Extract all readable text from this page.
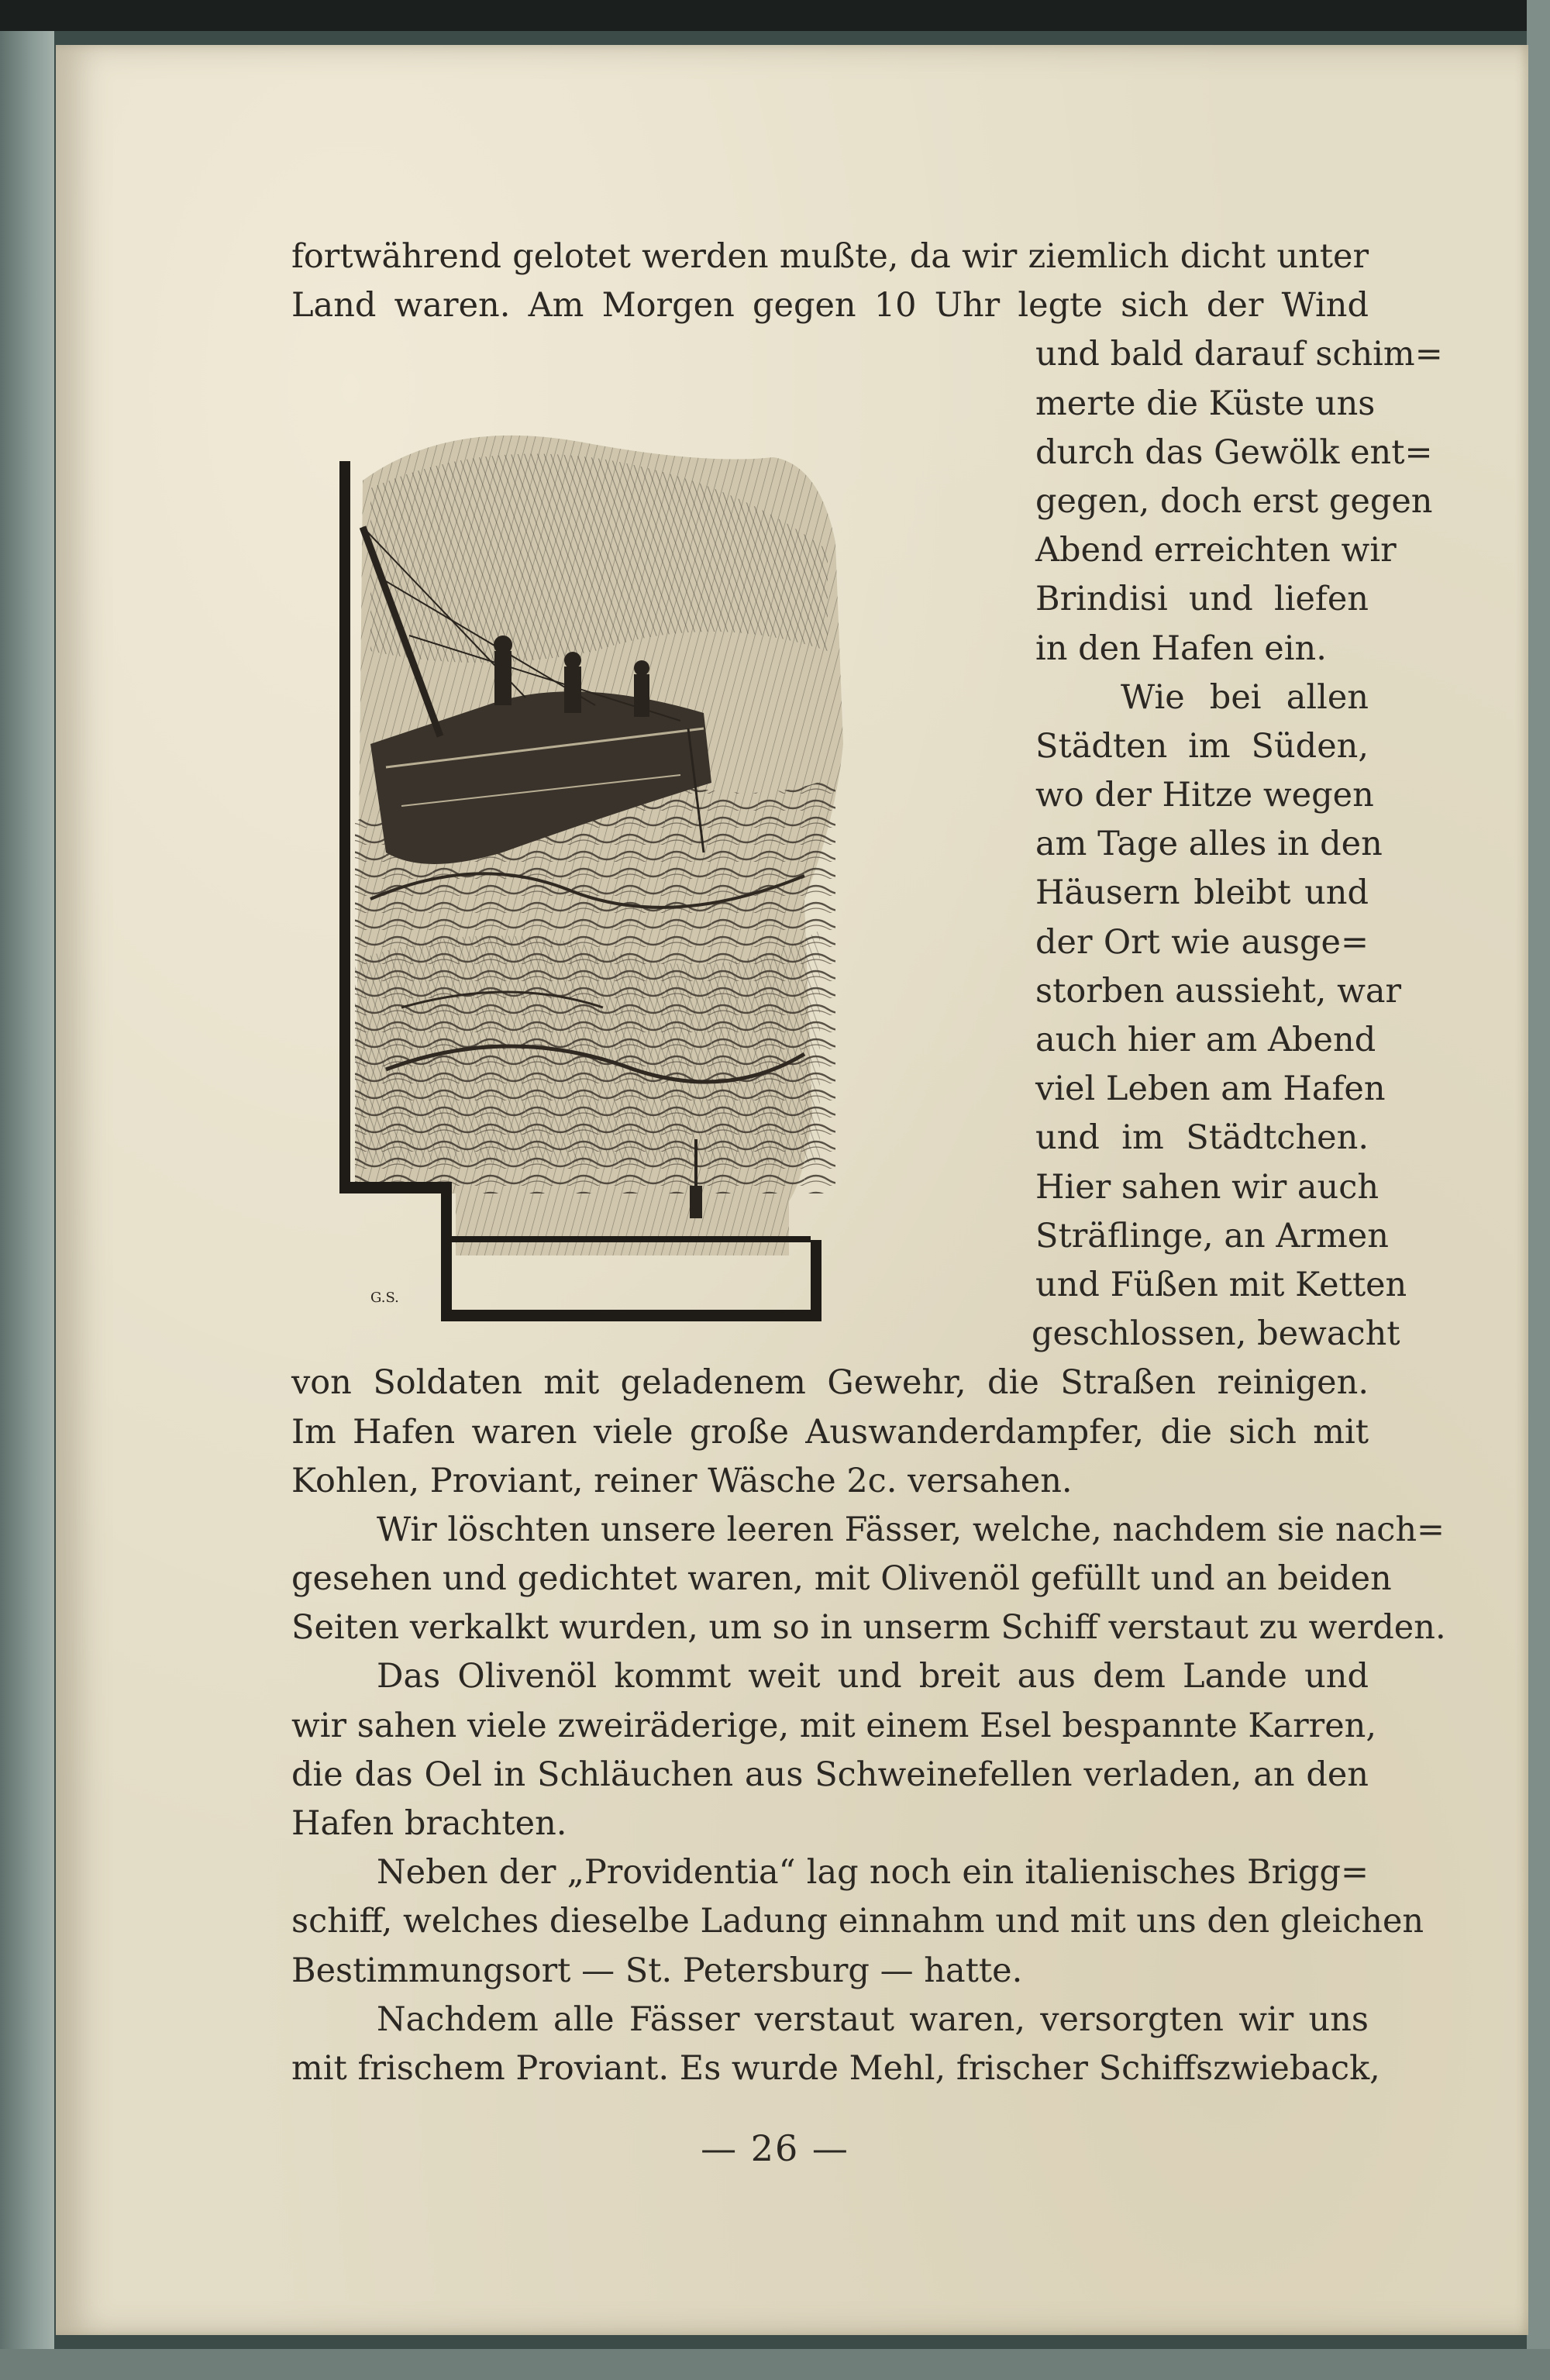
fortwährend gelotet werden mußte, da wir ziemlich dicht unter
Land waren. Am Morgen gegen 10 Uhr legte sich der Wind
und bald darauf schim=
merte die Küste uns
durch das Gewölk ent=
gegen, doch erst gegen
Abend erreichten wir
Brindisi und liefen
in den Hafen ein.
Wie bei allen
Städten im Süden,
wo der Hitze wegen
am Tage alles in den
Häusern bleibt und
der Ort wie ausge=
storben aussieht, war
auch hier am Abend
viel Leben am Hafen
und im Städtchen.
Hier sahen wir auch
Sträflinge, an Armen
und Füßen mit Ketten
geschlossen, bewacht
von Soldaten mit geladenem Gewehr, die Straßen reinigen.
Im Hafen waren viele große Auswanderdampfer, die sich mit
Kohlen, Proviant, reiner Wäsche 2c. versahen.
Wir löschten unsere leeren Fässer, welche, nachdem sie nach=
gesehen und gedichtet waren, mit Olivenöl gefüllt und an beiden
Seiten verkalkt wurden, um so in unserm Schiff verstaut zu werden.
Das Olivenöl kommt weit und breit aus dem Lande und
wir sahen viele zweiräderige, mit einem Esel bespannte Karren,
die das Oel in Schläuchen aus Schweinefellen verladen, an den
Hafen brachten.
Neben der „Providentia“ lag noch ein italienisches Brigg=
schiff, welches dieselbe Ladung einnahm und mit uns den gleichen
Bestimmungsort — St. Petersburg — hatte.
Nachdem alle Fässer verstaut waren, versorgten wir uns
mit frischem Proviant. Es wurde Mehl, frischer Schiffszwieback,
G.S.
— 26 —
